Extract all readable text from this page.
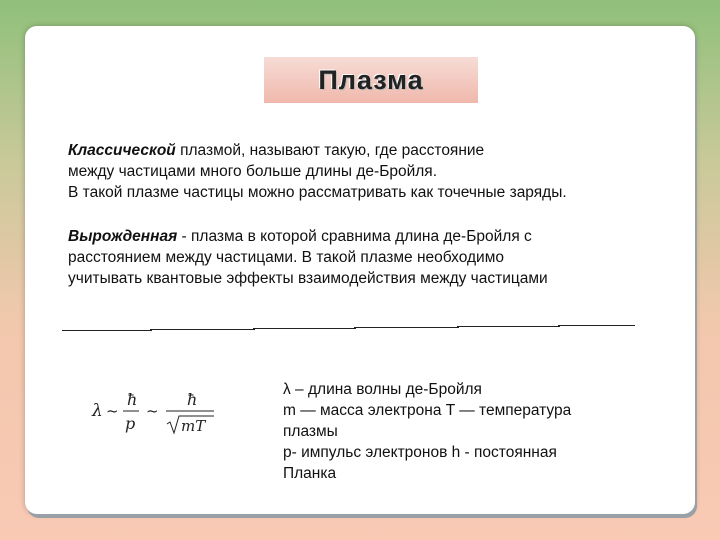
Плазма
Классической плазмой, называют такую, где расстояние
между частицами много больше длины де-Бройля.
В такой плазме частицы можно рассматривать как точечные заряды.
Вырожденная - плазма в которой сравнима длина де-Бройля с
расстоянием между частицами. В такой плазме необходимо
учитывать квантовые эффекты взаимодействия между частицами
λ ~
ħ
p
~
ħ
mT
λ – длина волны де-Бройля
m — масса электрона T — температура
плазмы
p- импульс электронов h - постоянная
Планка
